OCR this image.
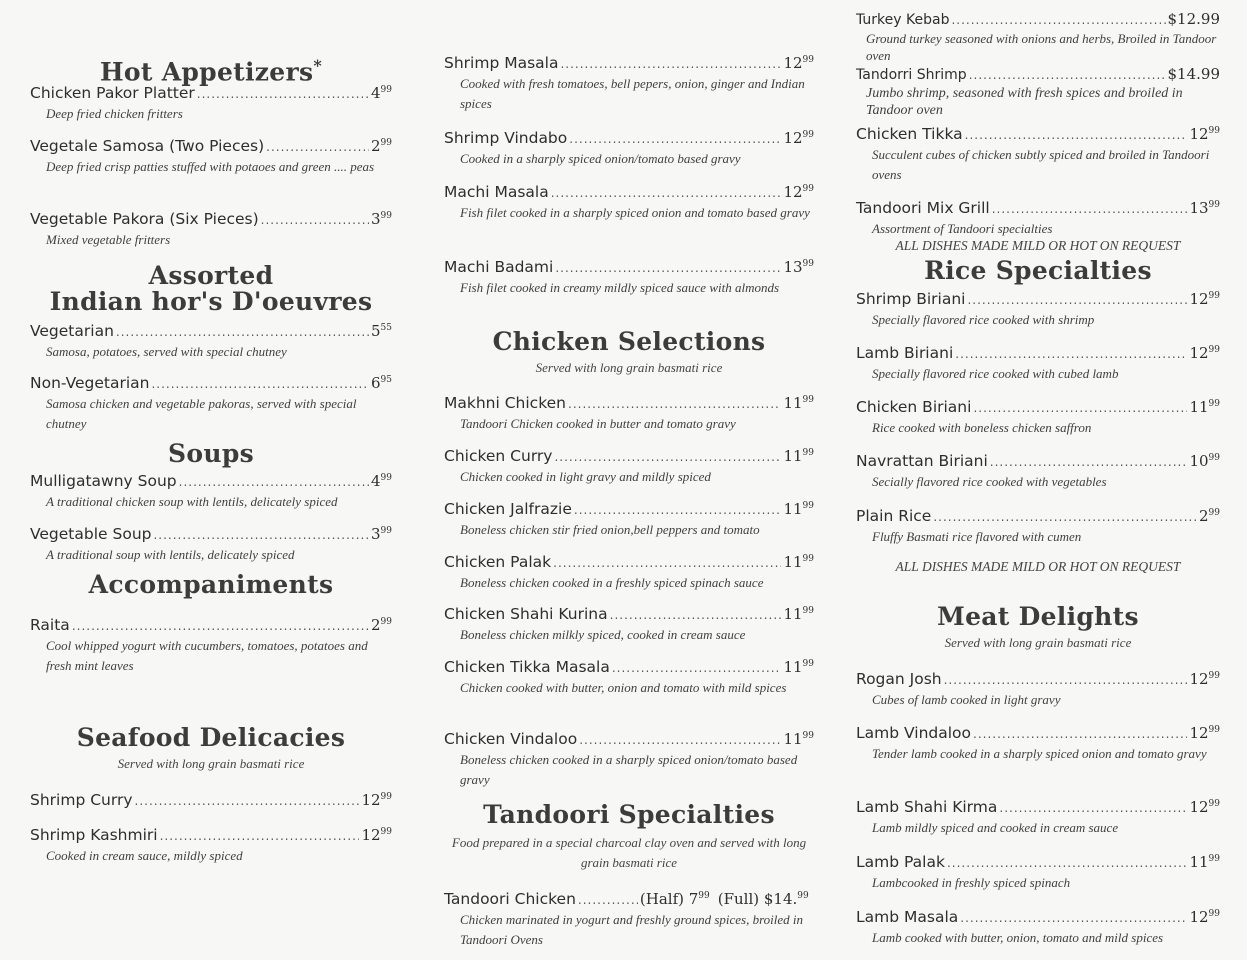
Hot Appetizers*
Chicken Pakor Platter .....	$4^{99}$
Deep fried chicken fritters
Vegetale Samosa (Two Pieces) .....	$2^{99}$
Deep fried crisp patties stuffed with potaoes and green .... peas
Vegetable Pakora (Six Pieces) .....	$3^{99}$
Mixed vegetable fritters
Assorted
Indian hor's D'oeuvres
Vegetarian .....	$5^{55}$
Samosa, potatoes, served with special chutney
Non-Vegetarian .....	$6^{95}$
Samosa chicken and vegetable pakoras, served with special chutney
Soups
Mulligatawny Soup .....	$4^{99}$
A traditional chicken soup with lentils, delicately spiced
Vegetable Soup .....	$3^{99}$
A traditional soup with lentils, delicately spiced
Accompaniments
Raita .....	$2^{99}$
Cool whipped yogurt with cucumbers, tomatoes, potatoes and fresh mint leaves
Seafood Delicacies
Served with long grain basmati rice
Shrimp Curry .....	$12^{99}$
Shrimp Kashmiri .....	$12^{99}$
Cooked in cream sauce, mildly spiced
Shrimp Masala .....	$12^{99}$
Cooked with fresh tomatoes, bell pepers, onion, ginger and Indian spices
Shrimp Vindabo .....	$12^{99}$
Cooked in a sharply spiced onion/tomato based gravy
Machi Masala .....	$12^{99}$
Fish filet cooked in a sharply spiced onion and tomato based gravy
Machi Badami .....	$13^{99}$
Fish filet cooked in creamy mildly spiced sauce with almonds
Chicken Selections
Served with long grain basmati rice
Makhni Chicken .....	$11^{99}$
Tandoori Chicken cooked in butter and tomato gravy
Chicken Curry .....	$11^{99}$
Chicken cooked in light gravy and mildly spiced
Chicken Jalfrazie .....	$11^{99}$
Boneless chicken stir fried onion,bell peppers and tomato
Chicken Palak .....	$11^{99}$
Boneless chicken cooked in a freshly spiced spinach sauce
Chicken Shahi Kurina .....	$11^{99}$
Boneless chicken milkly spiced, cooked in cream sauce
Chicken Tikka Masala .....	$11^{99}$
Chicken cooked with butter, onion and tomato with mild spices
Chicken Vindaloo .....	$11^{99}$
Boneless chicken cooked in a sharply spiced onion/tomato based gravy
Tandoori Specialties
Food prepared in a special charcoal clay oven and served with long grain basmati rice
Tandoori Chicken .....	(Half) $7^{99}$ (Full) $14.99
Chicken marinated in yogurt and freshly ground spices, broiled in Tandoori Ovens
Turkey Kebab .....	$12.99
Ground turkey seasoned with onions and herbs, Broiled in Tandoor oven
Tandorri Shrimp .....	$14.99
Jumbo shrimp, seasoned with fresh spices and broiled in Tandoor oven
Chicken Tikka .....	$12^{99}$
Succulent cubes of chicken subtly spiced and broiled in Tandoori ovens
Tandoori Mix Grill .....	$13^{99}$
Assortment of Tandoori specialties
ALL DISHES MADE MILD OR HOT ON REQUEST
Rice Specialties
Shrimp Biriani .....	$12^{99}$
Specially flavored rice cooked with shrimp
Lamb Biriani .....	$12^{99}$
Specially flavored rice cooked with cubed lamb
Chicken Biriani .....	$11^{99}$
Rice cooked with boneless chicken saffron
Navrattan Biriani .....	$10^{99}$
Secially flavored rice cooked with vegetables
Plain Rice .....	$2^{99}$
Fluffy Basmati rice flavored with cumen
ALL DISHES MADE MILD OR HOT ON REQUEST
Meat Delights
Served with long grain basmati rice
Rogan Josh .....	$12^{99}$
Cubes of lamb cooked in light gravy
Lamb Vindaloo .....	$12^{99}$
Tender lamb cooked in a sharply spiced onion and tomato gravy
Lamb Shahi Kirma .....	$12^{99}$
Lamb mildly spiced and cooked in cream sauce
Lamb Palak .....	$11^{99}$
Lambcooked in freshly spiced spinach
Lamb Masala .....	$12^{99}$
Lamb cooked with butter, onion, tomato and mild spices
